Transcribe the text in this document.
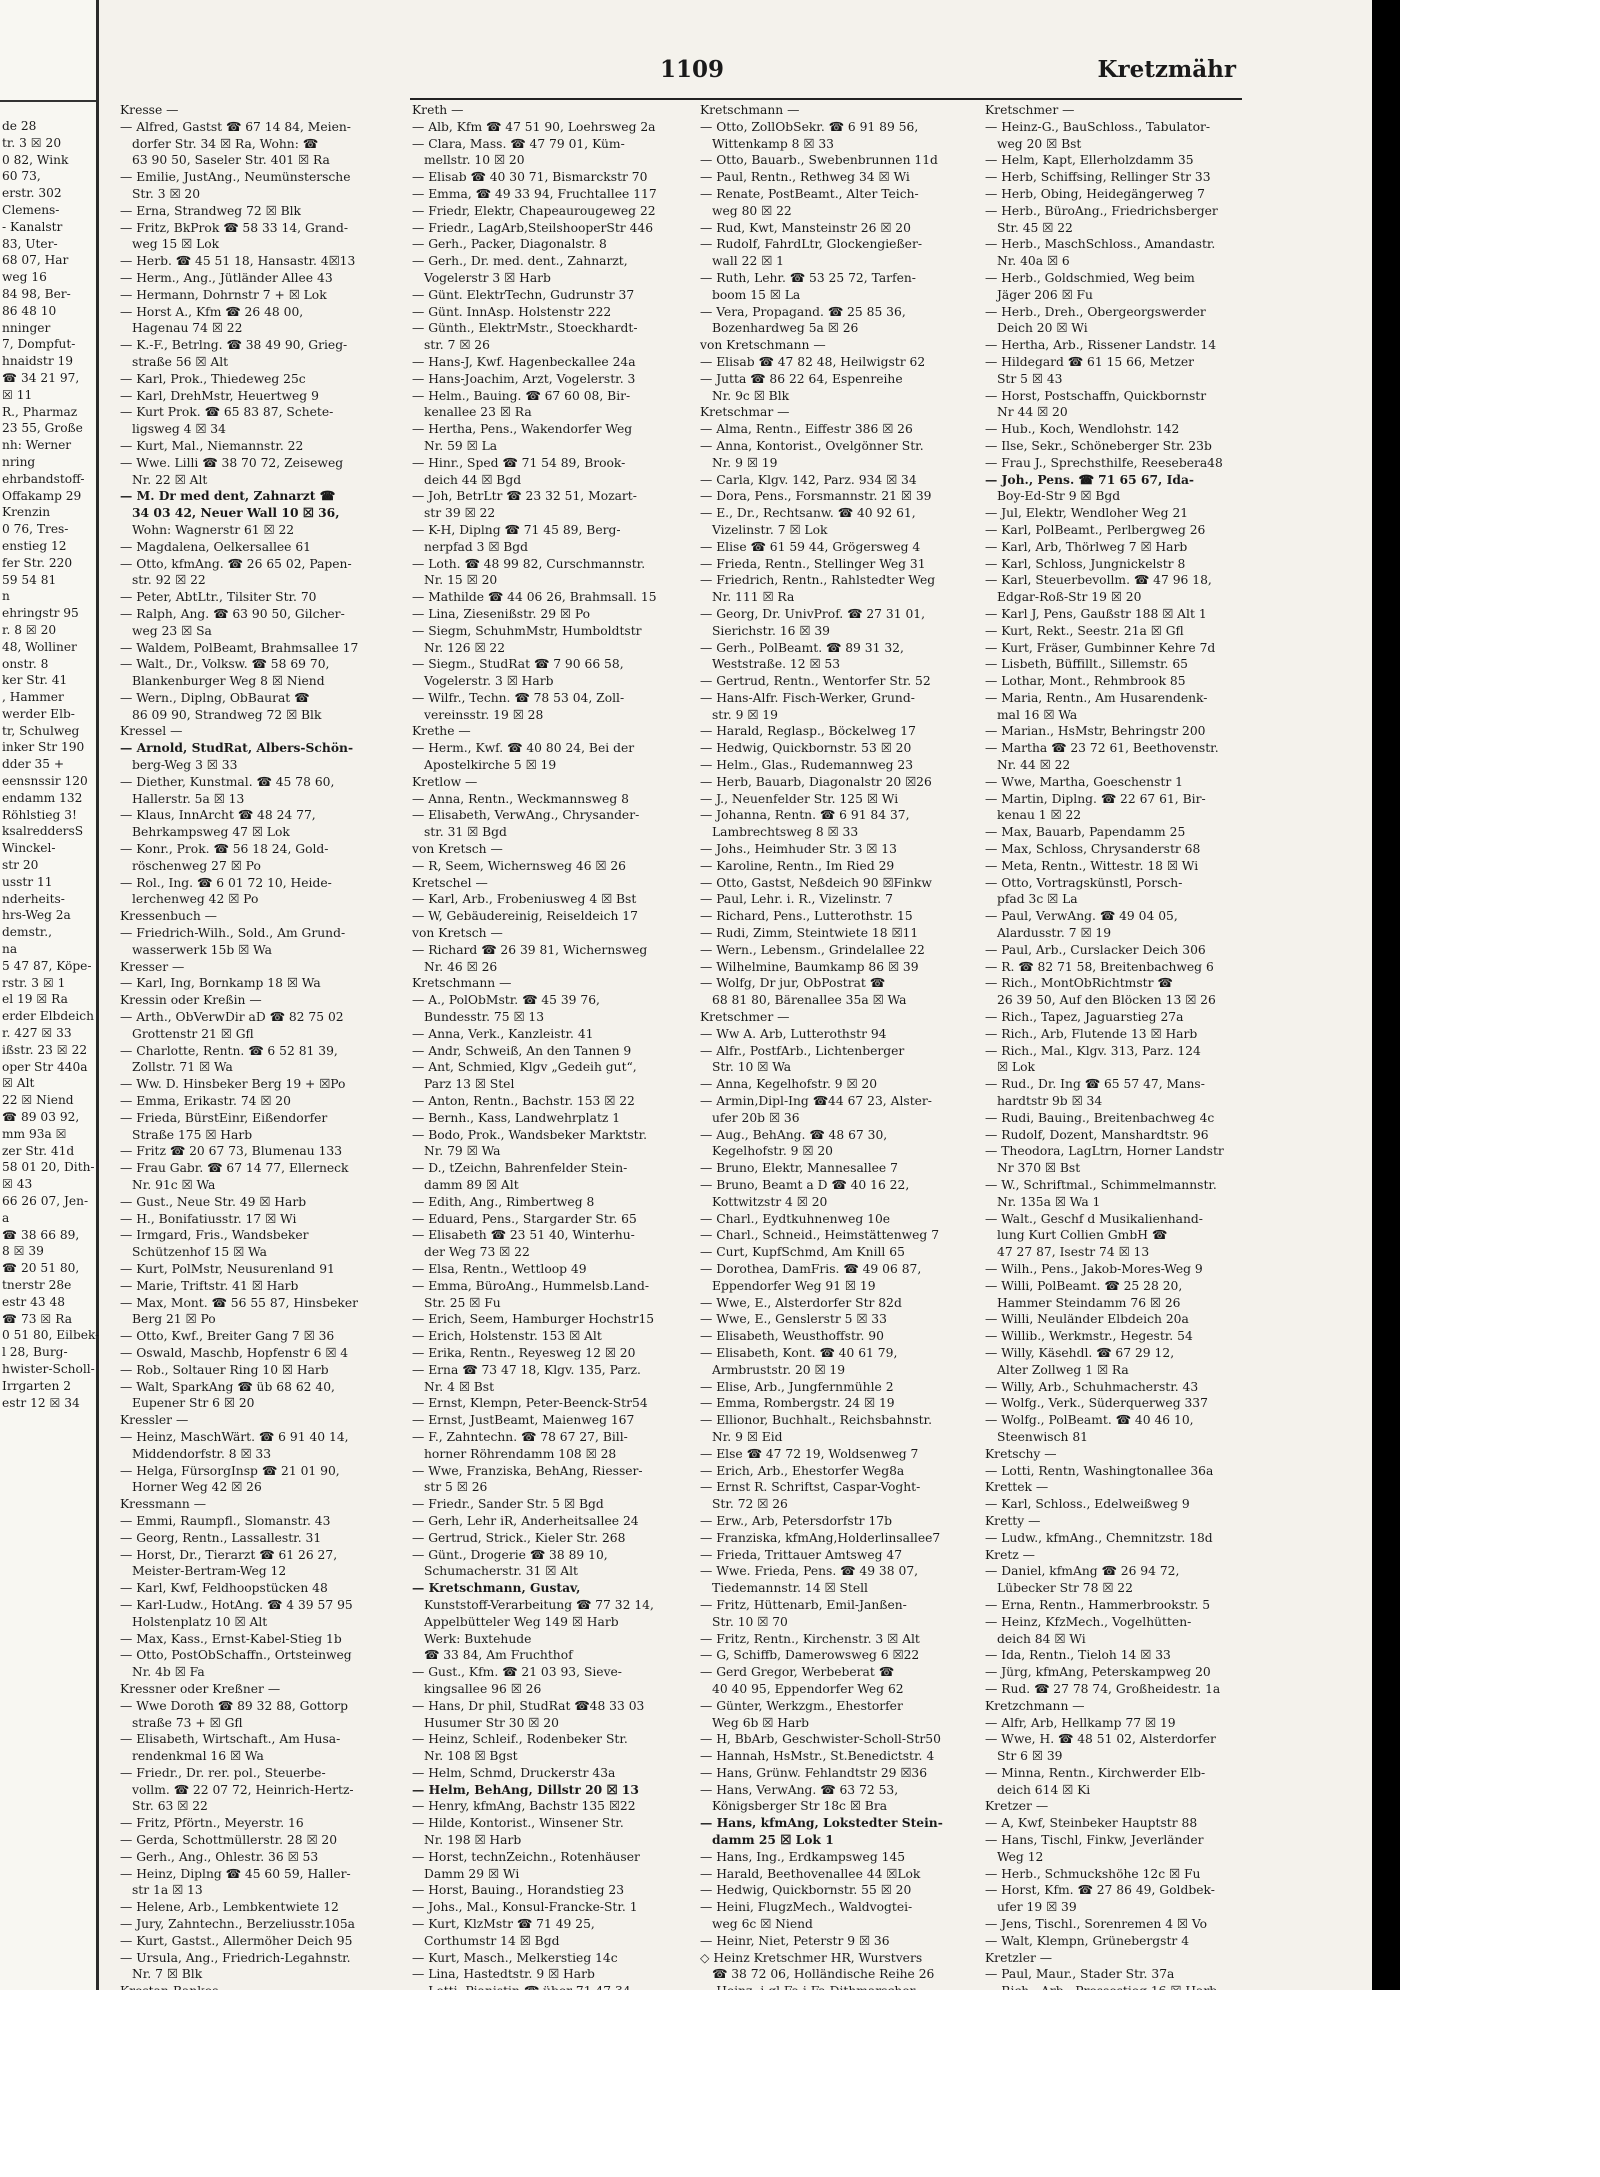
de 28
tr. 3 ☒ 20
0 82, Wink
60 73,
erstr. 302
Clemens-
- Kanalstr
83, Uter-
68 07, Har
weg 16
84 98, Ber-
86 48 10
nninger
7, Dompfut-
hnaidstr 19
☎ 34 21 97,
☒ 11
R., Pharmaz
23 55, Große
nh: Werner
nring
ehrbandstoff-
Offakamp 29
Krenzin
0 76, Tres-
enstieg 12
fer Str. 220
59 54 81
n
ehringstr 95
r. 8 ☒ 20
48, Wolliner
onstr. 8
ker Str. 41
, Hammer
werder Elb-
tr, Schulweg
inker Str 190
dder 35 +
eensnssir 120
endamm 132
Röhlstieg 3!
ksalreddersS
Winckel-
str 20
usstr 11
nderheits-
hrs-Weg 2a
demstr.,
na
5 47 87, Köpe-
rstr. 3 ☒ 1
el 19 ☒ Ra
erder Elbdeich
r. 427 ☒ 33
ißstr. 23 ☒ 22
oper Str 440a
☒ Alt
22 ☒ Niend
☎ 89 03 92,
mm 93a ☒
zer Str. 41d
58 01 20, Dith-
☒ 43
66 26 07, Jen-
a
☎ 38 66 89,
8 ☒ 39
☎ 20 51 80,
tnerstr 28e
estr 43 48
☎ 73 ☒ Ra
0 51 80, Eilbek-
l 28, Burg-
hwister-Scholl-
Irrgarten 2
estr 12 ☒ 34
1109	Kretzmähr
Kresse —
— Alfred, Gastst ☎ 67 14 84, Meien-
dorfer Str. 34 ☒ Ra, Wohn: ☎
63 90 50, Saseler Str. 401 ☒ Ra
— Emilie, JustAng., Neumünstersche
Str. 3 ☒ 20
— Erna, Strandweg 72 ☒ Blk
— Fritz, BkProk ☎ 58 33 14, Grand-
weg 15 ☒ Lok
— Herb. ☎ 45 51 18, Hansastr. 4☒13
— Herm., Ang., Jütländer Allee 43
— Hermann, Dohrnstr 7 + ☒ Lok
— Horst A., Kfm ☎ 26 48 00,
Hagenau 74 ☒ 22
— K.-F., Betrlng. ☎ 38 49 90, Grieg-
straße 56 ☒ Alt
— Karl, Prok., Thiedeweg 25c
— Karl, DrehMstr, Heuertweg 9
— Kurt Prok. ☎ 65 83 87, Schete-
ligsweg 4 ☒ 34
— Kurt, Mal., Niemannstr. 22
— Wwe. Lilli ☎ 38 70 72, Zeiseweg
Nr. 22 ☒ Alt
— M. Dr med dent, Zahnarzt ☎
34 03 42, Neuer Wall 10 ☒ 36,
Wohn: Wagnerstr 61 ☒ 22
— Magdalena, Oelkersallee 61
— Otto, kfmAng. ☎ 26 65 02, Papen-
str. 92 ☒ 22
— Peter, AbtLtr., Tilsiter Str. 70
— Ralph, Ang. ☎ 63 90 50, Gilcher-
weg 23 ☒ Sa
— Waldem, PolBeamt, Brahmsallee 17
— Walt., Dr., Volksw. ☎ 58 69 70,
Blankenburger Weg 8 ☒ Niend
— Wern., Diplng, ObBaurat ☎
86 09 90, Strandweg 72 ☒ Blk
Kressel —
— Arnold, StudRat, Albers-Schön-
berg-Weg 3 ☒ 33
— Diether, Kunstmal. ☎ 45 78 60,
Hallerstr. 5a ☒ 13
— Klaus, InnArcht ☎ 48 24 77,
Behrkampsweg 47 ☒ Lok
— Konr., Prok. ☎ 56 18 24, Gold-
röschenweg 27 ☒ Po
— Rol., Ing. ☎ 6 01 72 10, Heide-
lerchenweg 42 ☒ Po
Kressenbuch —
— Friedrich-Wilh., Sold., Am Grund-
wasserwerk 15b ☒ Wa
Kresser —
— Karl, Ing, Bornkamp 18 ☒ Wa
Kressin oder Kreßin —
— Arth., ObVerwDir aD ☎ 82 75 02
Grottenstr 21 ☒ Gfl
— Charlotte, Rentn. ☎ 6 52 81 39,
Zollstr. 71 ☒ Wa
— Ww. D. Hinsbeker Berg 19 + ☒Po
— Emma, Erikastr. 74 ☒ 20
— Frieda, BürstEinr, Eißendorfer
Straße 175 ☒ Harb
— Fritz ☎ 20 67 73, Blumenau 133
— Frau Gabr. ☎ 67 14 77, Ellerneck
Nr. 91c ☒ Wa
— Gust., Neue Str. 49 ☒ Harb
— H., Bonifatiusstr. 17 ☒ Wi
— Irmgard, Fris., Wandsbeker
Schützenhof 15 ☒ Wa
— Kurt, PolMstr, Neusurenland 91
— Marie, Triftstr. 41 ☒ Harb
— Max, Mont. ☎ 56 55 87, Hinsbeker
Berg 21 ☒ Po
— Otto, Kwf., Breiter Gang 7 ☒ 36
— Oswald, Maschb, Hopfenstr 6 ☒ 4
— Rob., Soltauer Ring 10 ☒ Harb
— Walt, SparkAng ☎ üb 68 62 40,
Eupener Str 6 ☒ 20
Kressler —
— Heinz, MaschWärt. ☎ 6 91 40 14,
Middendorfstr. 8 ☒ 33
— Helga, FürsorgInsp ☎ 21 01 90,
Horner Weg 42 ☒ 26
Kressmann —
— Emmi, Raumpfl., Slomanstr. 43
— Georg, Rentn., Lassallestr. 31
— Horst, Dr., Tierarzt ☎ 61 26 27,
Meister-Bertram-Weg 12
— Karl, Kwf, Feldhoopstücken 48
— Karl-Ludw., HotAng. ☎ 4 39 57 95
Holstenplatz 10 ☒ Alt
— Max, Kass., Ernst-Kabel-Stieg 1b
— Otto, PostObSchaffn., Ortsteinweg
Nr. 4b ☒ Fa
Kressner oder Kreßner —
— Wwe Doroth ☎ 89 32 88, Gottorp
straße 73 + ☒ Gfl
— Elisabeth, Wirtschaft., Am Husa-
rendenkmal 16 ☒ Wa
— Friedr., Dr. rer. pol., Steuerbe-
vollm. ☎ 22 07 72, Heinrich-Hertz-
Str. 63 ☒ 22
— Fritz, Pförtn., Meyerstr. 16
— Gerda, Schottmüllerstr. 28 ☒ 20
— Gerh., Ang., Ohlestr. 36 ☒ 53
— Heinz, Diplng ☎ 45 60 59, Haller-
str 1a ☒ 13
— Helene, Arb., Lembkentwiete 12
— Jury, Zahntechn., Berzeliusstr.105a
— Kurt, Gastst., Allermöher Deich 95
— Ursula, Ang., Friedrich-Legahnstr.
Nr. 7 ☒ Blk
Kreth —
— Alb, Kfm ☎ 47 51 90, Loehrsweg 2a
— Clara, Mass. ☎ 47 79 01, Küm-
mellstr. 10 ☒ 20
— Elisab ☎ 40 30 71, Bismarckstr 70
— Emma, ☎ 49 33 94, Fruchtallee 117
— Friedr, Elektr, Chapeaurougeweg 22
— Friedr., LagArb,SteilshooperStr 446
— Gerh., Packer, Diagonalstr. 8
— Gerh., Dr. med. dent., Zahnarzt,
Vogelerstr 3 ☒ Harb
— Günt. ElektrTechn, Gudrunstr 37
— Günt. InnAsp. Holstenstr 222
— Günth., ElektrMstr., Stoeckhardt-
str. 7 ☒ 26
— Hans-J, Kwf. Hagenbeckallee 24a
— Hans-Joachim, Arzt, Vogelerstr. 3
— Helm., Bauing. ☎ 67 60 08, Bir-
kenallee 23 ☒ Ra
— Hertha, Pens., Wakendorfer Weg
Nr. 59 ☒ La
— Hinr., Sped ☎ 71 54 89, Brook-
deich 44 ☒ Bgd
— Joh, BetrLtr ☎ 23 32 51, Mozart-
str 39 ☒ 22
— K-H, Diplng ☎ 71 45 89, Berg-
nerpfad 3 ☒ Bgd
— Loth. ☎ 48 99 82, Curschmannstr.
Nr. 15 ☒ 20
— Mathilde ☎ 44 06 26, Brahmsall. 15
— Lina, Ziesenißstr. 29 ☒ Po
— Siegm, SchuhmMstr, Humboldtstr
Nr. 126 ☒ 22
— Siegm., StudRat ☎ 7 90 66 58,
Vogelerstr. 3 ☒ Harb
— Wilfr., Techn. ☎ 78 53 04, Zoll-
vereinsstr. 19 ☒ 28
Krethe —
— Herm., Kwf. ☎ 40 80 24, Bei der
Apostelkirche 5 ☒ 19
Kretlow —
— Anna, Rentn., Weckmannsweg 8
— Elisabeth, VerwAng., Chrysander-
str. 31 ☒ Bgd
von Kretsch —
— R, Seem, Wichernsweg 46 ☒ 26
Kretschel —
— Karl, Arb., Frobeniusweg 4 ☒ Bst
— W, Gebäudereinig, Reiseldeich 17
von Kretsch —
— Richard ☎ 26 39 81, Wichernsweg
Nr. 46 ☒ 26
Kretschmann —
— A., PolObMstr. ☎ 45 39 76,
Bundesstr. 75 ☒ 13
— Anna, Verk., Kanzleistr. 41
— Andr, Schweiß, An den Tannen 9
— Ant, Schmied, Klgv „Gedeih gut“,
Parz 13 ☒ Stel
— Anton, Rentn., Bachstr. 153 ☒ 22
— Bernh., Kass, Landwehrplatz 1
— Bodo, Prok., Wandsbeker Marktstr.
Nr. 79 ☒ Wa
— D., tZeichn, Bahrenfelder Stein-
damm 89 ☒ Alt
— Edith, Ang., Rimbertweg 8
— Eduard, Pens., Stargarder Str. 65
— Elisabeth ☎ 23 51 40, Winterhu-
der Weg 73 ☒ 22
— Elsa, Rentn., Wettloop 49
— Emma, BüroAng., Hummelsb.Land-
Str. 25 ☒ Fu
— Erich, Seem, Hamburger Hochstr15
— Erich, Holstenstr. 153 ☒ Alt
— Erika, Rentn., Reyesweg 12 ☒ 20
— Erna ☎ 73 47 18, Klgv. 135, Parz.
Nr. 4 ☒ Bst
— Ernst, Klempn, Peter-Beenck-Str54
— Ernst, JustBeamt, Maienweg 167
— F., Zahntechn. ☎ 78 67 27, Bill-
horner Röhrendamm 108 ☒ 28
— Wwe, Franziska, BehAng, Riesser-
str 5 ☒ 26
— Friedr., Sander Str. 5 ☒ Bgd
— Gerh, Lehr iR, Anderheitsallee 24
— Gertrud, Strick., Kieler Str. 268
— Günt., Drogerie ☎ 38 89 10,
Schumacherstr. 31 ☒ Alt
— Kretschmann, Gustav,
Kunststoff-Verarbeitung ☎ 77 32 14,
Appelbütteler Weg 149 ☒ Harb
Werk: Buxtehude
☎ 33 84, Am Fruchthof
— Gust., Kfm. ☎ 21 03 93, Sieve-
kingsallee 96 ☒ 26
— Hans, Dr phil, StudRat ☎48 33 03
Husumer Str 30 ☒ 20
— Heinz, Schleif., Rodenbeker Str.
Nr. 108 ☒ Bgst
— Helm, Schmd, Druckerstr 43a
— Helm, BehAng, Dillstr 20 ☒ 13
— Henry, kfmAng, Bachstr 135 ☒22
— Hilde, Kontorist., Winsener Str.
Nr. 198 ☒ Harb
— Horst, technZeichn., Rotenhäuser
Damm 29 ☒ Wi
— Horst, Bauing., Horandstieg 23
— Johs., Mal., Konsul-Francke-Str. 1
— Kurt, KlzMstr ☎ 71 49 25,
Corthumstr 14 ☒ Bgd
— Kurt, Masch., Melkerstieg 14c
— Lina, Hastedtstr. 9 ☒ Harb
Kretschmann —
— Otto, ZollObSekr. ☎ 6 91 89 56,
Wittenkamp 8 ☒ 33
— Otto, Bauarb., Swebenbrunnen 11d
— Paul, Rentn., Rethweg 34 ☒ Wi
— Renate, PostBeamt., Alter Teich-
weg 80 ☒ 22
— Rud, Kwt, Mansteinstr 26 ☒ 20
— Rudolf, FahrdLtr, Glockengießer-
wall 22 ☒ 1
— Ruth, Lehr. ☎ 53 25 72, Tarfen-
boom 15 ☒ La
— Vera, Propagand. ☎ 25 85 36,
Bozenhardweg 5a ☒ 26
von Kretschmann —
— Elisab ☎ 47 82 48, Heilwigstr 62
— Jutta ☎ 86 22 64, Espenreihe
Nr. 9c ☒ Blk
Kretschmar —
— Alma, Rentn., Eiffestr 386 ☒ 26
— Anna, Kontorist., Ovelgönner Str.
Nr. 9 ☒ 19
— Carla, Klgv. 142, Parz. 934 ☒ 34
— Dora, Pens., Forsmannstr. 21 ☒ 39
— E., Dr., Rechtsanw. ☎ 40 92 61,
Vizelinstr. 7 ☒ Lok
— Elise ☎ 61 59 44, Grögersweg 4
— Frieda, Rentn., Stellinger Weg 31
— Friedrich, Rentn., Rahlstedter Weg
Nr. 111 ☒ Ra
— Georg, Dr. UnivProf. ☎ 27 31 01,
Sierichstr. 16 ☒ 39
— Gerh., PolBeamt. ☎ 89 31 32,
Weststraße. 12 ☒ 53
— Gertrud, Rentn., Wentorfer Str. 52
— Hans-Alfr. Fisch-Werker, Grund-
str. 9 ☒ 19
— Harald, Reglasp., Böckelweg 17
— Hedwig, Quickbornstr. 53 ☒ 20
— Helm., Glas., Rudemannweg 23
— Herb, Bauarb, Diagonalstr 20 ☒26
— J., Neuenfelder Str. 125 ☒ Wi
— Johanna, Rentn. ☎ 6 91 84 37,
Lambrechtsweg 8 ☒ 33
— Johs., Heimhuder Str. 3 ☒ 13
— Karoline, Rentn., Im Ried 29
— Otto, Gastst, Neßdeich 90 ☒Finkw
— Paul, Lehr. i. R., Vizelinstr. 7
— Richard, Pens., Lutterothstr. 15
— Rudi, Zimm, Steintwiete 18 ☒11
— Wern., Lebensm., Grindelallee 22
— Wilhelmine, Baumkamp 86 ☒ 39
— Wolfg, Dr jur, ObPostrat ☎
68 81 80, Bärenallee 35a ☒ Wa
Kretschmer —
— Ww A. Arb, Lutterothstr 94
— Alfr., PostfArb., Lichtenberger
Str. 10 ☒ Wa
— Anna, Kegelhofstr. 9 ☒ 20
— Armin,Dipl-Ing ☎44 67 23, Alster-
ufer 20b ☒ 36
— Aug., BehAng. ☎ 48 67 30,
Kegelhofstr. 9 ☒ 20
— Bruno, Elektr, Mannesallee 7
— Bruno, Beamt a D ☎ 40 16 22,
Kottwitzstr 4 ☒ 20
— Charl., Eydtkuhnenweg 10e
— Charl., Schneid., Heimstättenweg 7
— Curt, KupfSchmd, Am Knill 65
— Dorothea, DamFris. ☎ 49 06 87,
Eppendorfer Weg 91 ☒ 19
— Wwe, E., Alsterdorfer Str 82d
— Wwe, E., Genslerstr 5 ☒ 33
— Elisabeth, Weusthoffstr. 90
— Elisabeth, Kont. ☎ 40 61 79,
Armbruststr. 20 ☒ 19
— Elise, Arb., Jungfernmühle 2
— Emma, Rombergstr. 24 ☒ 19
— Ellionor, Buchhalt., Reichsbahnstr.
Nr. 9 ☒ Eid
— Else ☎ 47 72 19, Woldsenweg 7
— Erich, Arb., Ehestorfer Weg8a
— Ernst R. Schriftst, Caspar-Voght-
Str. 72 ☒ 26
— Erw., Arb, Petersdorfstr 17b
— Franziska, kfmAng,Holderlinsallee7
— Frieda, Trittauer Amtsweg 47
— Wwe. Frieda, Pens. ☎ 49 38 07,
Tiedemannstr. 14 ☒ Stell
— Fritz, Hüttenarb, Emil-Janßen-
Str. 10 ☒ 70
— Fritz, Rentn., Kirchenstr. 3 ☒ Alt
— G, Schiffb, Damerowsweg 6 ☒22
— Gerd Gregor, Werbeberat ☎
40 40 95, Eppendorfer Weg 62
— Günter, Werkzgm., Ehestorfer
Weg 6b ☒ Harb
— H, BbArb, Geschwister-Scholl-Str50
— Hannah, HsMstr., St.Benedictstr. 4
— Hans, Grünw. Fehlandtstr 29 ☒36
— Hans, VerwAng. ☎ 63 72 53,
Königsberger Str 18c ☒ Bra
— Hans, kfmAng, Lokstedter Stein-
damm 25 ☒ Lok 1
— Hans, Ing., Erdkampsweg 145
— Harald, Beethovenallee 44 ☒Lok
— Hedwig, Quickbornstr. 55 ☒ 20
— Heini, FlugzMech., Waldvogtei-
weg 6c ☒ Niend
— Heinr, Niet, Peterstr 9 ☒ 36
◇ Heinz Kretschmer HR, Wurstvers
☎ 38 72 06, Holländische Reihe 26
Kretschmer —
— Heinz-G., BauSchloss., Tabulator-
weg 20 ☒ Bst
— Helm, Kapt, Ellerholzdamm 35
— Herb, Schiffsing, Rellinger Str 33
— Herb, Obing, Heidegängerweg 7
— Herb., BüroAng., Friedrichsberger
Str. 45 ☒ 22
— Herb., MaschSchloss., Amandastr.
Nr. 40a ☒ 6
— Herb., Goldschmied, Weg beim
Jäger 206 ☒ Fu
— Herb., Dreh., Obergeorgswerder
Deich 20 ☒ Wi
— Hertha, Arb., Rissener Landstr. 14
— Hildegard ☎ 61 15 66, Metzer
Str 5 ☒ 43
— Horst, Postschaffn, Quickbornstr
Nr 44 ☒ 20
— Hub., Koch, Wendlohstr. 142
— Ilse, Sekr., Schöneberger Str. 23b
— Frau J., Sprechsthilfe, Reesebera48
— Joh., Pens. ☎ 71 65 67, Ida-
Boy-Ed-Str 9 ☒ Bgd
— Jul, Elektr, Wendloher Weg 21
— Karl, PolBeamt., Perlbergweg 26
— Karl, Arb, Thörlweg 7 ☒ Harb
— Karl, Schloss, Jungnickelstr 8
— Karl, Steuerbevollm. ☎ 47 96 18,
Edgar-Roß-Str 19 ☒ 20
— Karl J, Pens, Gaußstr 188 ☒ Alt 1
— Kurt, Rekt., Seestr. 21a ☒ Gfl
— Kurt, Fräser, Gumbinner Kehre 7d
— Lisbeth, Büffillt., Sillemstr. 65
— Lothar, Mont., Rehmbrook 85
— Maria, Rentn., Am Husarendenk-
mal 16 ☒ Wa
— Marian., HsMstr, Behringstr 200
— Martha ☎ 23 72 61, Beethovenstr.
Nr. 44 ☒ 22
— Wwe, Martha, Goeschenstr 1
— Martin, Diplng. ☎ 22 67 61, Bir-
kenau 1 ☒ 22
— Max, Bauarb, Papendamm 25
— Max, Schloss, Chrysanderstr 68
— Meta, Rentn., Wittestr. 18 ☒ Wi
— Otto, Vortragskünstl, Porsch-
pfad 3c ☒ La
— Paul, VerwAng. ☎ 49 04 05,
Alardusstr. 7 ☒ 19
— Paul, Arb., Curslacker Deich 306
— R. ☎ 82 71 58, Breitenbachweg 6
— Rich., MontObRichtmstr ☎
26 39 50, Auf den Blöcken 13 ☒ 26
— Rich., Tapez, Jaguarstieg 27a
— Rich., Arb, Flutende 13 ☒ Harb
— Rich., Mal., Klgv. 313, Parz. 124
☒ Lok
— Rud., Dr. Ing ☎ 65 57 47, Mans-
hardtstr 9b ☒ 34
— Rudi, Bauing., Breitenbachweg 4c
— Rudolf, Dozent, Manshardtstr. 96
— Theodora, LagLtrn, Horner Landstr
Nr 370 ☒ Bst
— W., Schriftmal., Schimmelmannstr.
Nr. 135a ☒ Wa 1
— Walt., Geschf d Musikalienhand-
lung Kurt Collien GmbH ☎
47 27 87, Isestr 74 ☒ 13
— Wilh., Pens., Jakob-Mores-Weg 9
— Willi, PolBeamt. ☎ 25 28 20,
Hammer Steindamm 76 ☒ 26
— Willi, Neuländer Elbdeich 20a
— Willib., Werkmstr., Hegestr. 54
— Willy, Käsehdl. ☎ 67 29 12,
Alter Zollweg 1 ☒ Ra
— Willy, Arb., Schuhmacherstr. 43
— Wolfg., Verk., Süderquerweg 337
— Wolfg., PolBeamt. ☎ 40 46 10,
Steenwisch 81
Kretschy —
— Lotti, Rentn, Washingtonallee 36a
Krettek —
— Karl, Schloss., Edelweißweg 9
Kretty —
— Ludw., kfmAng., Chemnitzstr. 18d
Kretz —
— Daniel, kfmAng ☎ 26 94 72,
Lübecker Str 78 ☒ 22
— Erna, Rentn., Hammerbrookstr. 5
— Heinz, KfzMech., Vogelhütten-
deich 84 ☒ Wi
— Ida, Rentn., Tieloh 14 ☒ 33
— Jürg, kfmAng, Peterskampweg 20
— Rud. ☎ 27 78 74, Großheidestr. 1a
Kretzchmann —
— Alfr, Arb, Hellkamp 77 ☒ 19
— Wwe, H. ☎ 48 51 02, Alsterdorfer
Str 6 ☒ 39
— Minna, Rentn., Kirchwerder Elb-
deich 614 ☒ Ki
Kretzer —
— A, Kwf, Steinbeker Hauptstr 88
— Hans, Tischl, Finkw, Jeverländer
Weg 12
— Herb., Schmuckshöhe 12c ☒ Fu
— Horst, Kfm. ☎ 27 86 49, Goldbek-
ufer 19 ☒ 39
— Jens, Tischl., Sorenremen 4 ☒ Vo
— Walt, Klempn, Grünebergstr 4
Kretzler —
— Paul, Maur., Stader Str. 37a
